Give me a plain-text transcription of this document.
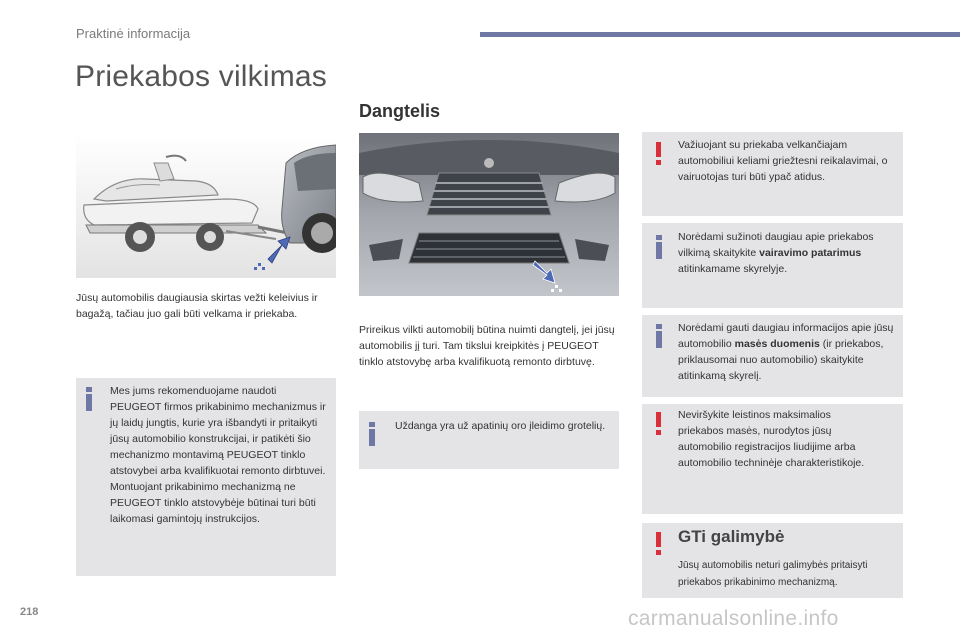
Praktinė informacija
Priekabos vilkimas
Dangtelis
Jūsų automobilis daugiausia skirtas vežti keleivius ir bagažą, tačiau juo gali būti velkama ir priekaba.

Mes jums rekomenduojame naudoti PEUGEOT firmos prikabinimo mechanizmus ir jų laidų jungtis, kurie yra išbandyti ir pritaikyti jūsų automobilio konstrukcijai, ir patikėti šio mechanizmo montavimą PEUGEOT tinklo atstovybei arba kvalifikuotai remonto dirbtuvei. Montuojant prikabinimo mechanizmą ne PEUGEOT tinklo atstovybėje būtinai turi būti laikomasi gamintojų instrukcijos.

Prireikus vilkti automobilį būtina nuimti dangtelį, jei jūsų automobilis jį turi. Tam tikslui kreipkitės į PEUGEOT tinklo atstovybę arba kvalifikuotą remonto dirbtuvę.

Uždanga yra už apatinių oro įleidimo grotelių.

Važiuojant su priekaba velkančiajam automobiliui keliami griežtesni reikalavimai, o vairuotojas turi būti ypač atidus.

Norėdami sužinoti daugiau apie priekabos vilkimą skaitykite vairavimo patarimus atitinkamame skyrelyje.

Norėdami gauti daugiau informacijos apie jūsų automobilio masės duomenis (ir priekabos, priklausomai nuo automobilio) skaitykite atitinkamą skyrelį.

Neviršykite leistinos maksimalios priekabos masės, nurodytos jūsų automobilio registracijos liudijime arba automobilio techninėje charakteristikoje.

GTi galimybė

Jūsų automobilis neturi galimybės pritaisyti priekabos prikabinimo mechanizmą.

218	carmanualsonline.info
